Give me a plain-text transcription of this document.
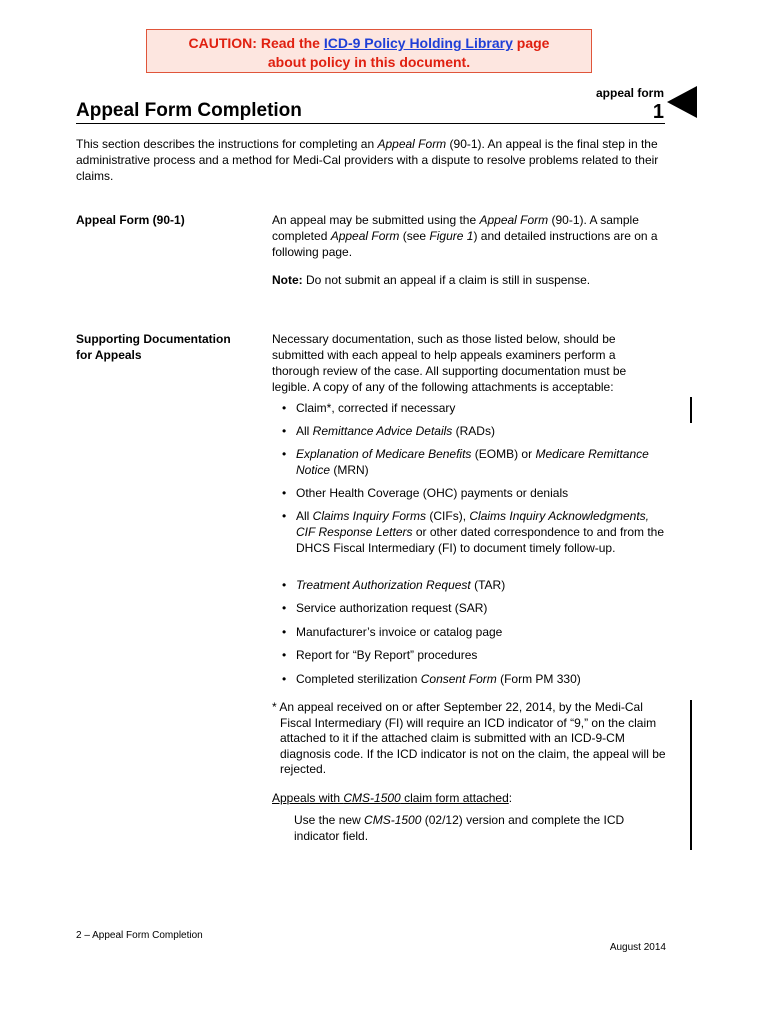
CAUTION: Read the ICD-9 Policy Holding Library page
about policy in this document.
appeal form
1
Appeal Form Completion
This section describes the instructions for completing an Appeal Form (90-1). An appeal is the final step in the administrative process and a method for Medi-Cal providers with a dispute to resolve problems related to their claims.
Appeal Form (90-1)	An appeal may be submitted using the Appeal Form (90-1). A sample completed Appeal Form (see Figure 1) and detailed instructions are on a following page.
Note: Do not submit an appeal if a claim is still in suspense.
Supporting Documentation
for Appeals
Necessary documentation, such as those listed below, should be submitted with each appeal to help appeals examiners perform a thorough review of the case. All supporting documentation must be legible. A copy of any of the following attachments is acceptable:
• Claim*, corrected if necessary
• All Remittance Advice Details (RADs)
• Explanation of Medicare Benefits (EOMB) or Medicare Remittance Notice (MRN)
• Other Health Coverage (OHC) payments or denials
• All Claims Inquiry Forms (CIFs), Claims Inquiry Acknowledgments, CIF Response Letters or other dated correspondence to and from the DHCS Fiscal Intermediary (FI) to document timely follow-up.
• Treatment Authorization Request (TAR)
• Service authorization request (SAR)
• Manufacturer’s invoice or catalog page
• Report for “By Report” procedures
• Completed sterilization Consent Form (Form PM 330)
* An appeal received on or after September 22, 2014, by the Medi-Cal Fiscal Intermediary (FI) will require an ICD indicator of “9,” on the claim attached to it if the attached claim is submitted with an ICD-9-CM diagnosis code. If the ICD indicator is not on the claim, the appeal will be rejected.
Appeals with CMS-1500 claim form attached:
Use the new CMS-1500 (02/12) version and complete the ICD indicator field.
2 – Appeal Form Completion
August 2014
